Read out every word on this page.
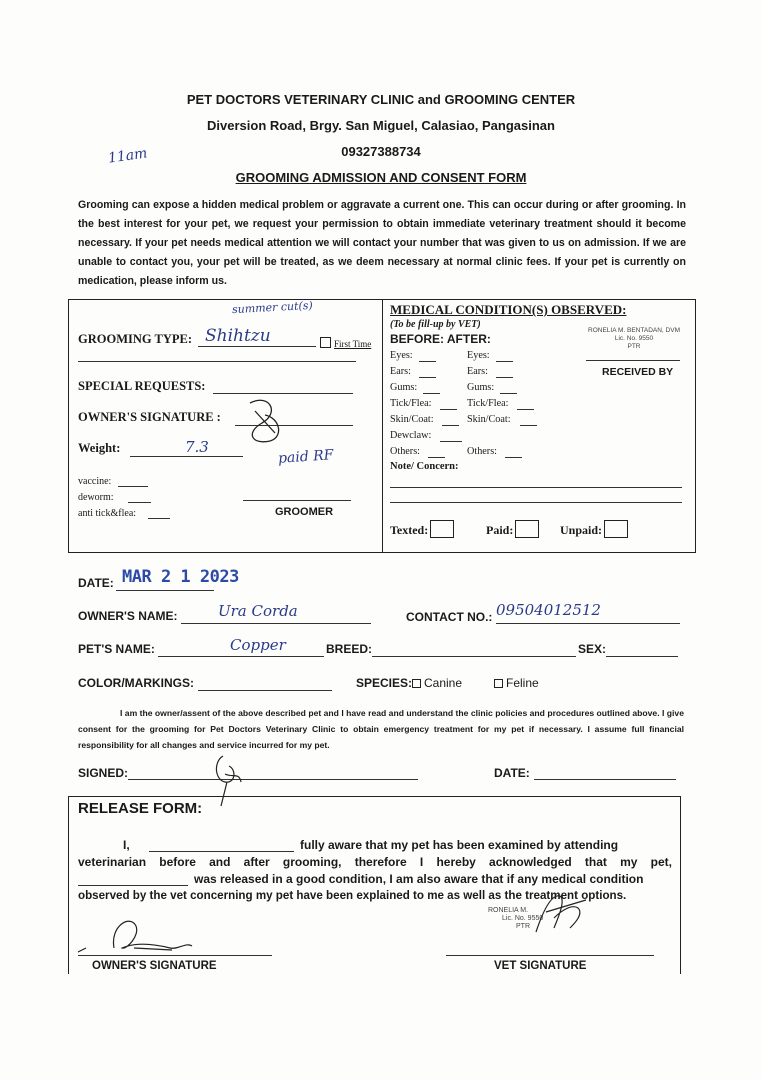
PET DOCTORS VETERINARY CLINIC and GROOMING CENTER
Diversion Road, Brgy. San Miguel, Calasiao, Pangasinan
09327388734
GROOMING ADMISSION AND CONSENT FORM
11am
Grooming can expose a hidden medical problem or aggravate a current one. This can occur during or after grooming. In the best interest for your pet, we request your permission to obtain immediate veterinary treatment should it become necessary. If your pet needs medical attention we will contact your number that was given to us on admission. If we are unable to contact you, your pet will be treated, as we deem necessary at normal clinic fees. If your pet is currently on medication, please inform us.
summer cut(s)
GROOMING TYPE: Shihtzu	First Time
SPECIAL REQUESTS:
OWNER'S SIGNATURE :
Weight:	7.3
paid RF
vaccine:
deworm:
anti tick&flea:	GROOMER
MEDICAL CONDITION(S) OBSERVED:
(To be fill-up by VET)
BEFORE: AFTER:
RONELIA M. BENTADAN, DVM
Lic. No. 9550
PTR
RECEIVED BY
Eyes:	Eyes:
Ears:	Ears:
Gums:	Gums:
Tick/Flea:	Tick/Flea:
Skin/Coat:	Skin/Coat:
Dewclaw:
Others:	Others:
Note/ Concern:
Texted:	Paid:	Unpaid:
DATE: MAR 2 1 2023
OWNER'S NAME:	Ura Corda	CONTACT NO.: 09504012512
PET'S NAME:	Copper	BREED:	SEX:
COLOR/MARKINGS:	SPECIES: Canine	Feline
I am the owner/assent of the above described pet and I have read and understand the clinic policies and procedures outlined above. I give consent for the grooming for Pet Doctors Veterinary Clinic to obtain emergency treatment for my pet if necessary. I assume full financial responsibility for all changes and service incurred for my pet.
SIGNED:	DATE:
RELEASE FORM:
I,	fully aware that my pet has been examined by attending
veterinarian before and after grooming, therefore I hereby acknowledged that my pet,
was released in a good condition, I am also aware that if any medical condition
observed by the vet concerning my pet have been explained to me as well as the treatment options.
RONELIA M.
Lic. No. 9550
PTR
OWNER'S SIGNATURE	VET SIGNATURE
